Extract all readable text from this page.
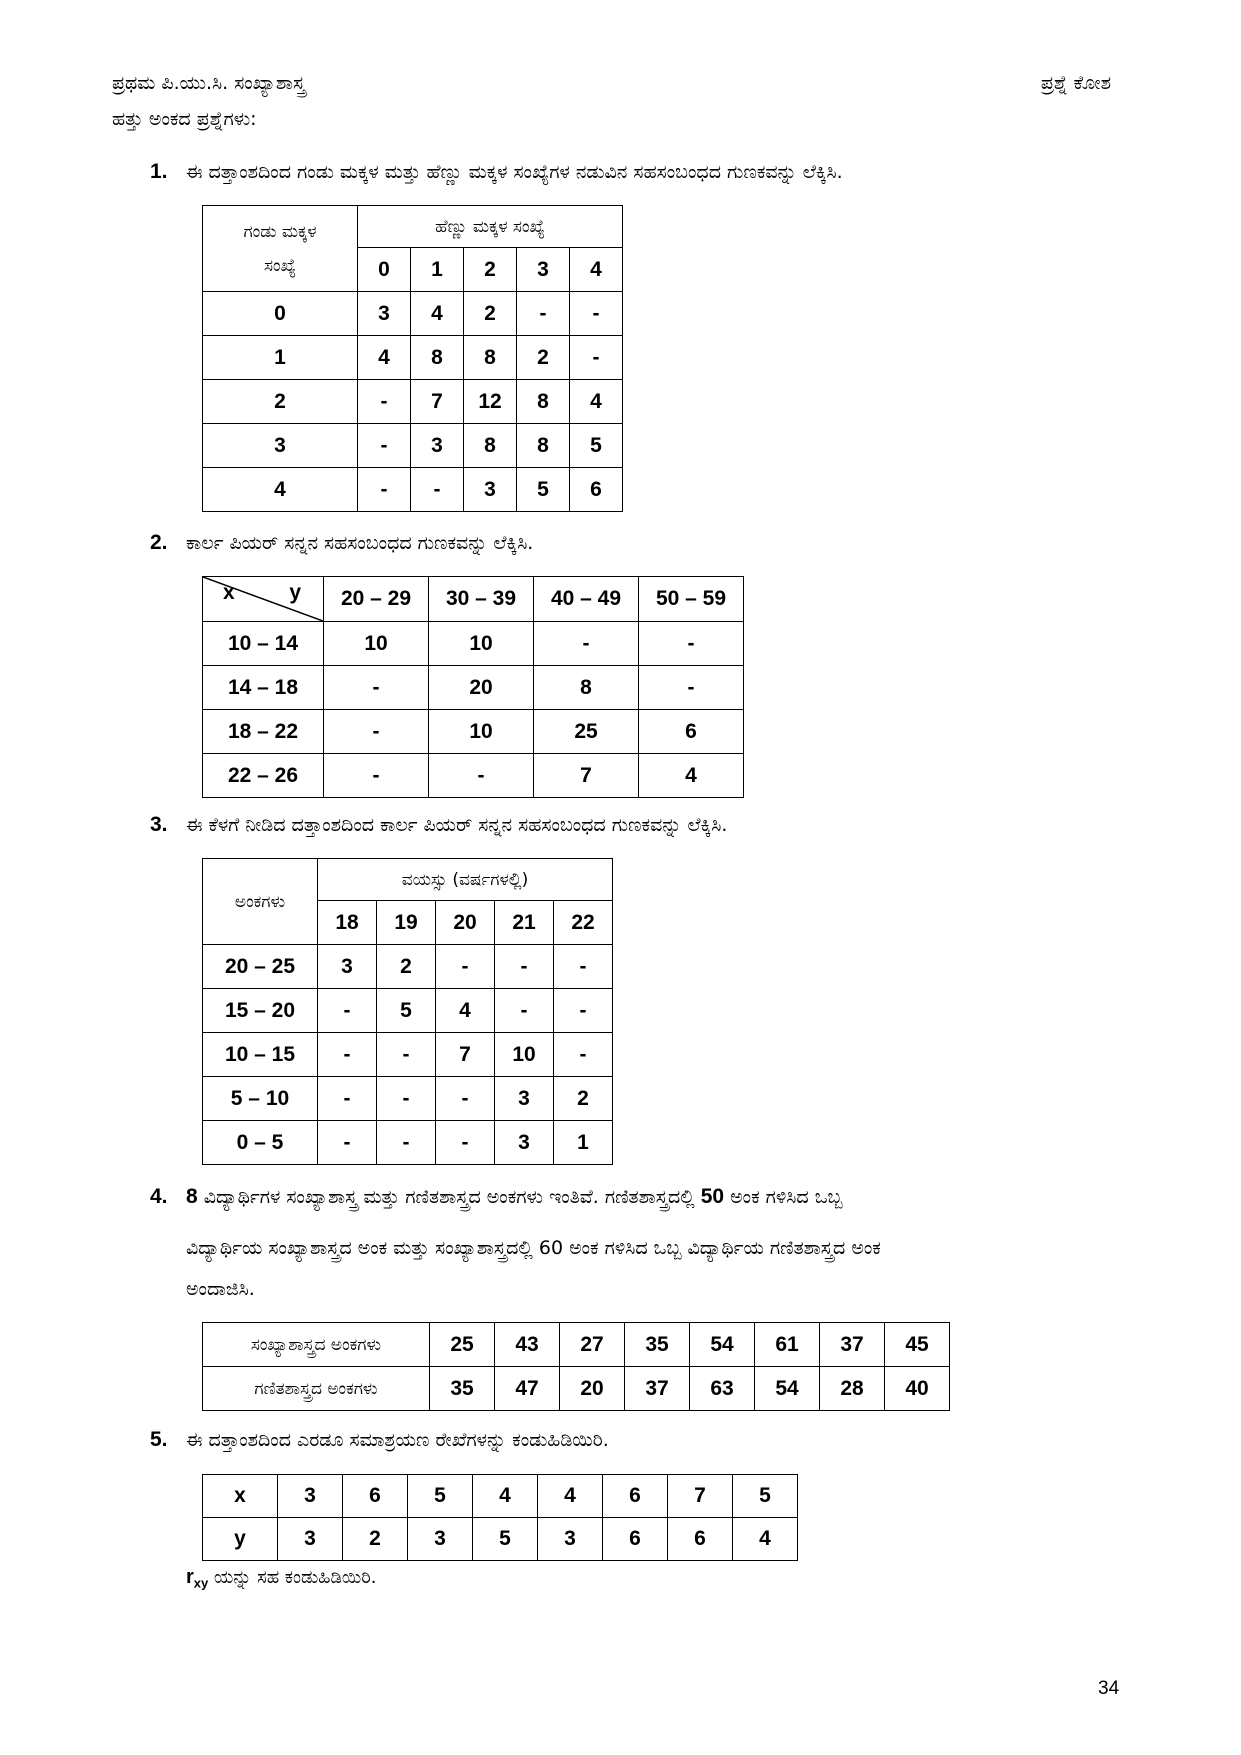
ಪ್ರಥಮ ಪಿ.ಯು.ಸಿ. ಸಂಖ್ಯಾಶಾಸ್ತ್ರ	ಪ್ರಶ್ನೆ ಕೋಶ
ಹತ್ತು ಅಂಕದ ಪ್ರಶ್ನೆಗಳು:
1. ಈ ದತ್ತಾಂಶದಿಂದ ಗಂಡು ಮಕ್ಕಳ ಮತ್ತು ಹೆಣ್ಣು ಮಕ್ಕಳ ಸಂಖ್ಯೆಗಳ ನಡುವಿನ ಸಹಸಂಬಂಧದ ಗುಣಕವನ್ನು ಲೆಕ್ಕಿಸಿ.
ಗಂಡು ಮಕ್ಕಳ
ಸಂಖ್ಯೆ	ಹೆಣ್ಣು ಮಕ್ಕಳ ಸಂಖ್ಯೆ				
	0	1	2	3	4
0	3	4	2	-	-
1	4	8	8	2	-
2	-	7	12	8	4
3	-	3	8	8	5
4	-	-	3	5	6
2. ಕಾರ್ಲ ಪಿಯರ್ ಸನ್ನನ ಸಹಸಂಬಂಧದ ಗುಣಕವನ್ನು ಲೆಕ್ಕಿಸಿ.
x y	20 – 29	30 – 39	40 – 49	50 – 59
10 – 14	10	10	-	-
14 – 18	-	20	8	-
18 – 22	-	10	25	6
22 – 26	-	-	7	4
3. ಈ ಕೆಳಗೆ ನೀಡಿದ ದತ್ತಾಂಶದಿಂದ ಕಾರ್ಲ ಪಿಯರ್ ಸನ್ನನ ಸಹಸಂಬಂಧದ ಗುಣಕವನ್ನು ಲೆಕ್ಕಿಸಿ.
ಅಂಕಗಳು	ವಯಸ್ಸು (ವರ್ಷಗಳಲ್ಲಿ)				
	18	19	20	21	22
20 – 25	3	2	-	-	-
15 – 20	-	5	4	-	-
10 – 15	-	-	7	10	-
5 – 10	-	-	-	3	2
0 – 5	-	-	-	3	1
4. 8 ವಿದ್ಯಾರ್ಥಿಗಳ ಸಂಖ್ಯಾಶಾಸ್ತ್ರ ಮತ್ತು ಗಣಿತಶಾಸ್ತ್ರದ ಅಂಕಗಳು ಇಂತಿವೆ. ಗಣಿತಶಾಸ್ತ್ರದಲ್ಲಿ 50 ಅಂಕ ಗಳಿಸಿದ ಒಬ್ಬ
ವಿದ್ಯಾರ್ಥಿಯ ಸಂಖ್ಯಾಶಾಸ್ತ್ರದ ಅಂಕ ಮತ್ತು ಸಂಖ್ಯಾಶಾಸ್ತ್ರದಲ್ಲಿ 60 ಅಂಕ ಗಳಿಸಿದ ಒಬ್ಬ ವಿದ್ಯಾರ್ಥಿಯ ಗಣಿತಶಾಸ್ತ್ರದ ಅಂಕ
ಅಂದಾಜಿಸಿ.
ಸಂಖ್ಯಾಶಾಸ್ತ್ರದ ಅಂಕಗಳು	25	43	27	35	54	61	37	45
ಗಣಿತಶಾಸ್ತ್ರದ ಅಂಕಗಳು	35	47	20	37	63	54	28	40
5. ಈ ದತ್ತಾಂಶದಿಂದ ಎರಡೂ ಸಮಾಶ್ರಯಣ ರೇಖೆಗಳನ್ನು ಕಂಡುಹಿಡಿಯಿರಿ.
x	3	6	5	4	4	6	7	5
y	3	2	3	5	3	6	6	4
$r_{xy}$ ಯನ್ನು ಸಹ ಕಂಡುಹಿಡಿಯಿರಿ.
34
